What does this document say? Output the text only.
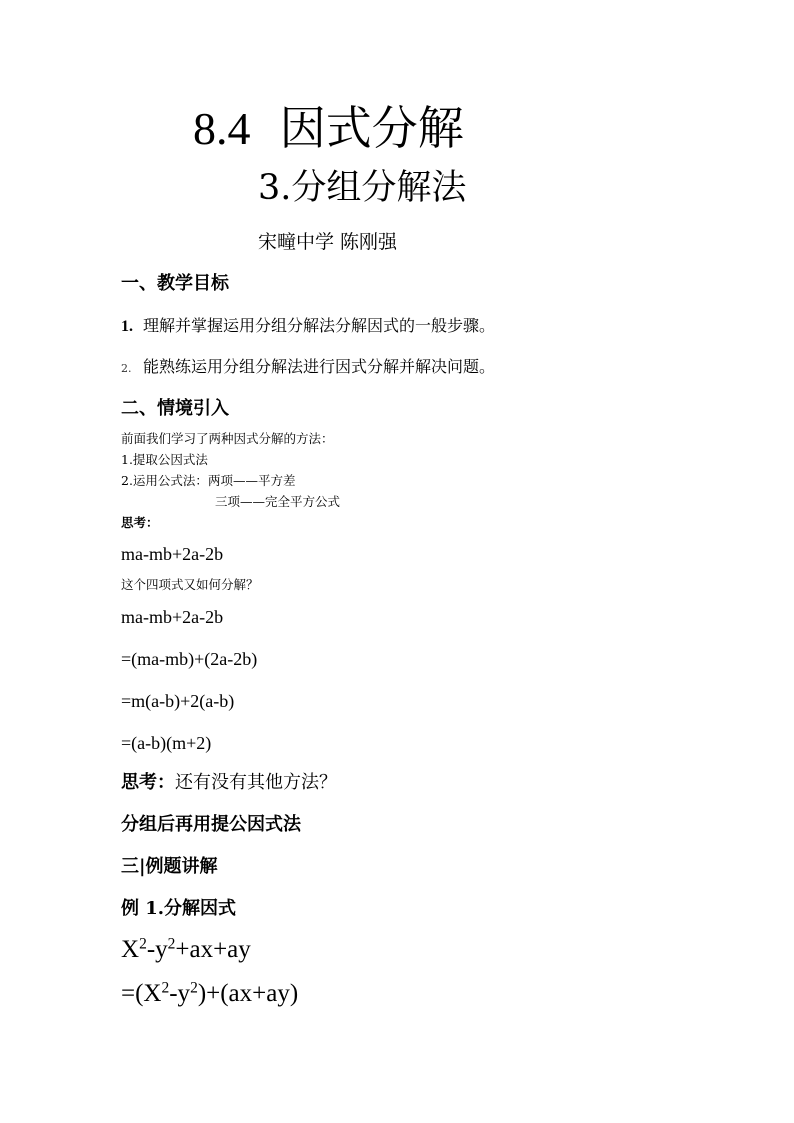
8.4 因式分解
3.分组分解法
宋疃中学 陈刚强
一、教学目标
1. 理解并掌握运用分组分解法分解因式的一般步骤。
2. 能熟练运用分组分解法进行因式分解并解决问题。
二、情境引入
前面我们学习了两种因式分解的方法：
1.提取公因式法
2.运用公式法：两项——平方差
三项——完全平方公式
思考：
ma-mb+2a-2b
这个四项式又如何分解？
ma-mb+2a-2b
=(ma-mb)+(2a-2b)
=m(a-b)+2(a-b)
=(a-b)(m+2)
思考：还有没有其他方法？
分组后再用提公因式法
三|例题讲解
例 1.分解因式
$X^2-y^2+ax+ay$
$=(X^2-y^2)+(ax+ay)$
